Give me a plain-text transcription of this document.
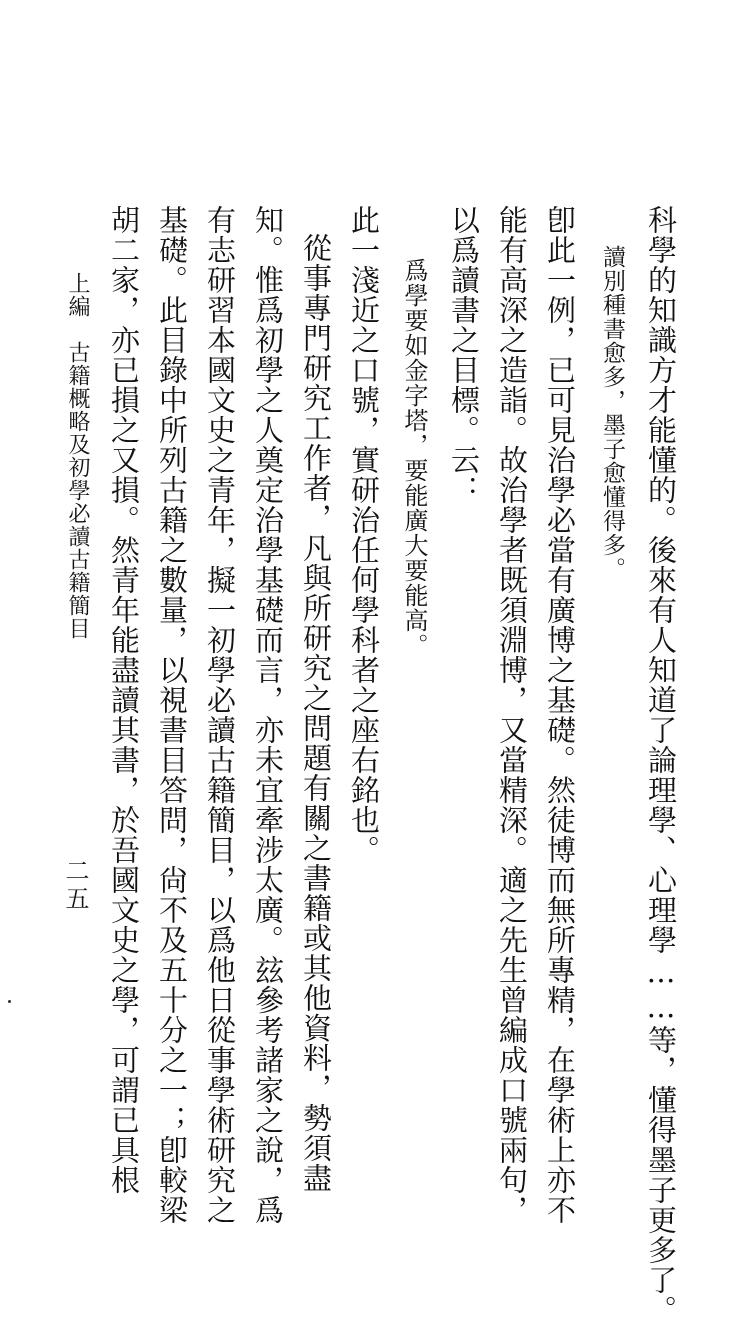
科學的知識方才能懂的。後來有人知道了論理學、心理學……等，懂得墨子更多了。
讀別種書愈多，墨子愈懂得多。
卽此一例，已可見治學必當有廣博之基礎。然徒博而無所專精，在學術上亦不
能有高深之造詣。故治學者既須淵博，又當精深。適之先生曾編成口號兩句，
以爲讀書之目標。云：
爲學要如金字塔，要能廣大要能高。
此一淺近之口號，實研治任何學科者之座右銘也。
從事專門研究工作者，凡與所研究之問題有關之書籍或其他資料，勢須盡
知。惟爲初學之人奠定治學基礎而言，亦未宜牽涉太廣。玆參考諸家之說，爲
有志研習本國文史之青年，擬一初學必讀古籍簡目，以爲他日從事學術研究之
基礎。此目錄中所列古籍之數量，以視書目答問，尙不及五十分之一；卽較梁
胡二家，亦已損之又損。然青年能盡讀其書，於吾國文史之學，可謂已具根
上編　古籍概略及初學必讀古籍簡目
二五
